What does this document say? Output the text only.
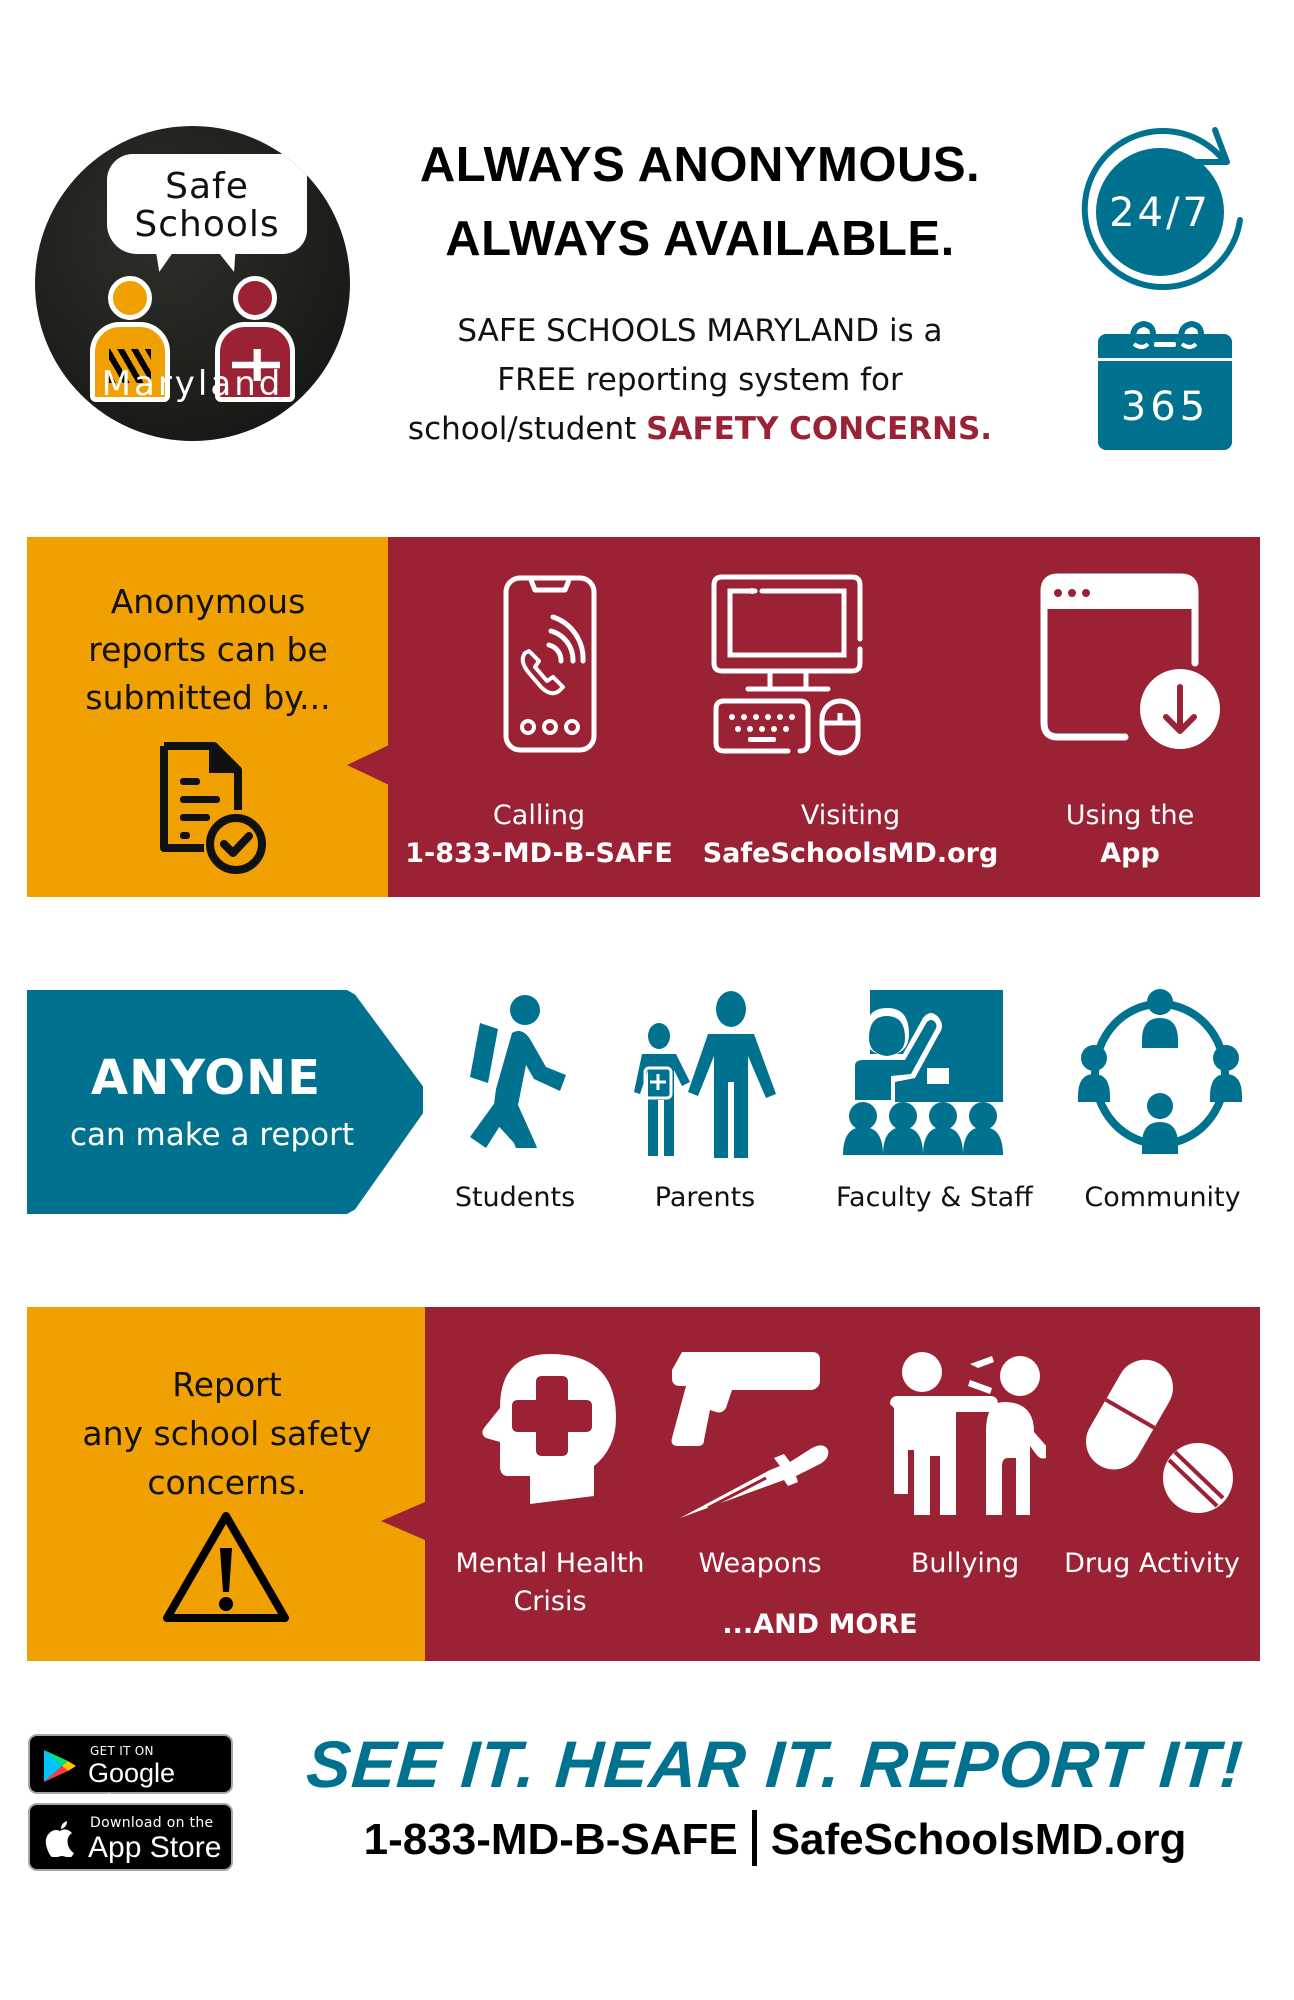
Safe
Schools
Maryland
ALWAYS ANONYMOUS.
ALWAYS AVAILABLE.
SAFE SCHOOLS MARYLAND is a
FREE reporting system for
school/student SAFETY CONCERNS.
24/7
365
Anonymous
reports can be
submitted by...
Calling
1-833-MD-B-SAFE
Visiting
SafeSchoolsMD.org
Using the
App
ANYONE
can make a report
Students	Parents	Faculty & Staff	Community
Report
any school safety
concerns.
Mental Health
Crisis
Weapons	Bullying	Drug Activity
...AND MORE
GET IT ON
Google
Download on the
App Store
SEE IT. HEAR IT. REPORT IT!
1-833-MD-B-SAFE SafeSchoolsMD.org
